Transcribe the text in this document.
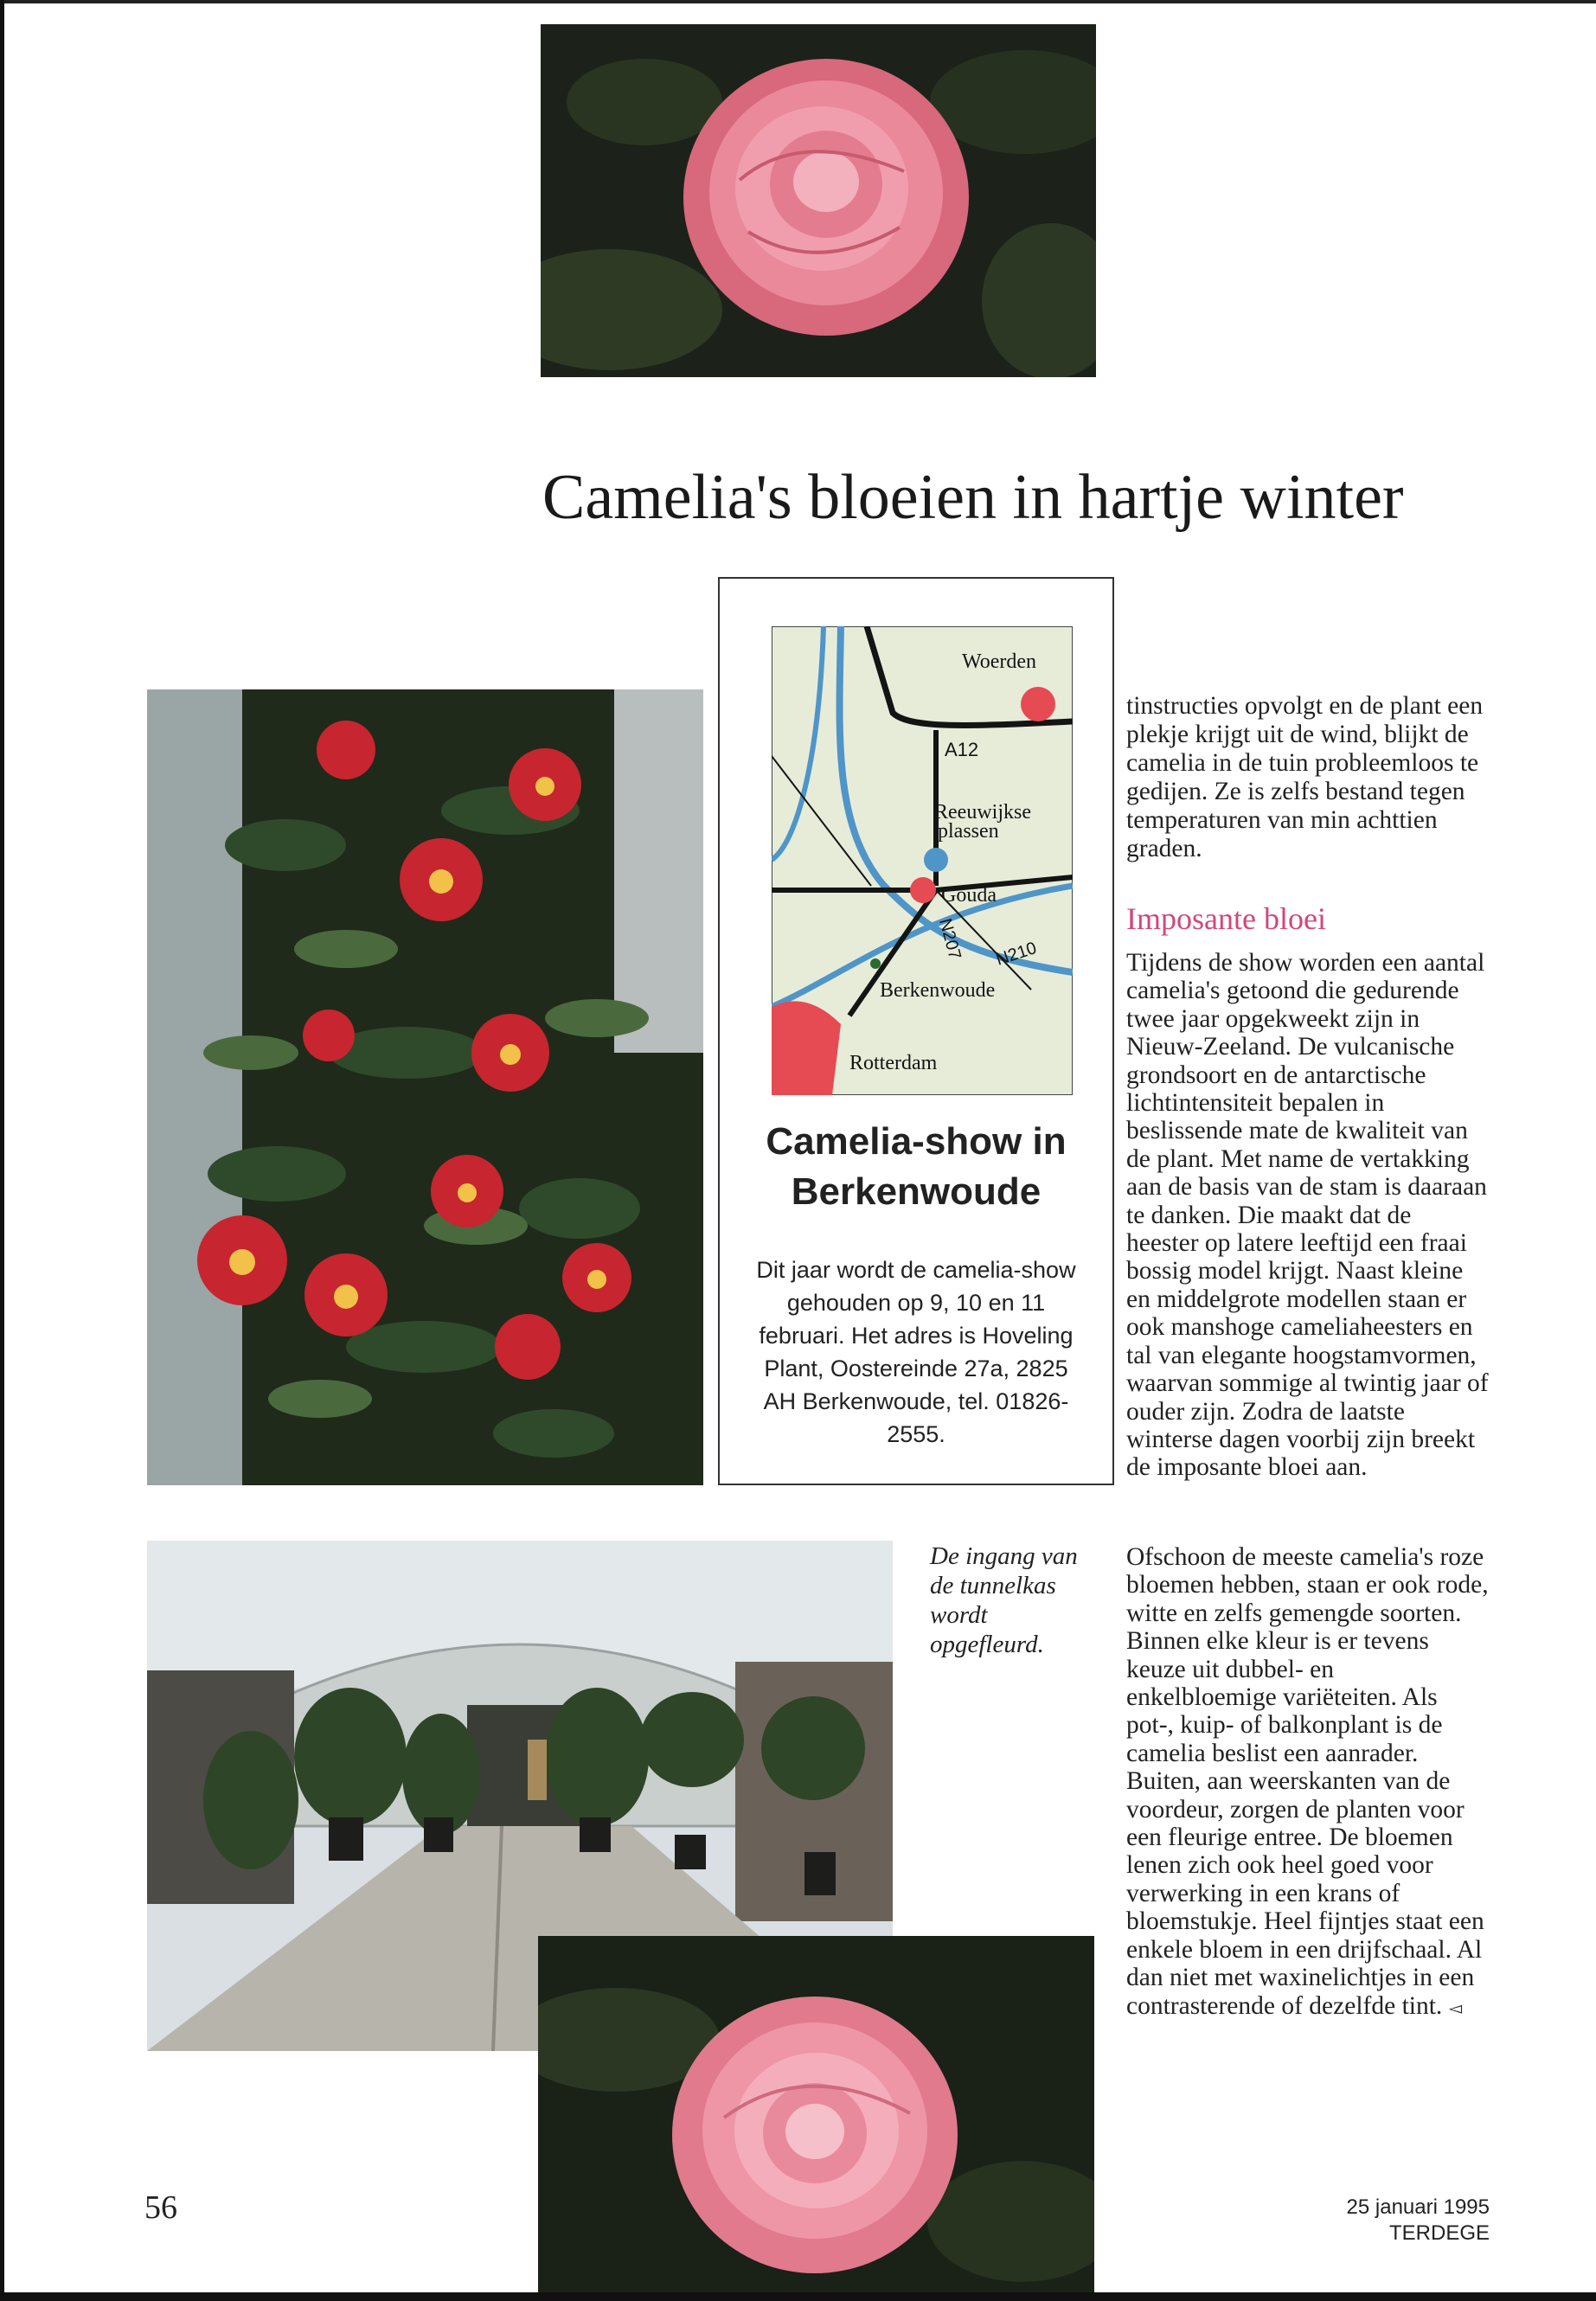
Camelia's bloeien in hartje winter
Woerden
A12
Reeuwijkse
plassen
Gouda
N207 N210
Berkenwoude
Rotterdam
Camelia-show in Berkenwoude

Dit jaar wordt de camelia-show gehouden op 9, 10 en 11 februari. Het adres is Hoveling Plant, Oostereinde 27a, 2825 AH Berkenwoude, tel. 01826-2555.

De ingang van de tunnelkas wordt opgefleurd.

tinstructies opvolgt en de plant een plekje krijgt uit de wind, blijkt de camelia in de tuin probleemloos te gedijen. Ze is zelfs bestand tegen temperaturen van min achttien graden.

Imposante bloei

Tijdens de show worden een aantal camelia's getoond die gedurende twee jaar opgekweekt zijn in Nieuw-Zeeland. De vulcanische grondsoort en de antarctische lichtintensiteit bepalen in beslissende mate de kwaliteit van de plant. Met name de vertakking aan de basis van de stam is daaraan te danken. Die maakt dat de heester op latere leeftijd een fraai bossig model krijgt. Naast kleine en middelgrote modellen staan er ook manshoge cameliaheesters en tal van elegante hoogstamvormen, waarvan sommige al twintig jaar of ouder zijn. Zodra de laatste winterse dagen voorbij zijn breekt de imposante bloei aan.

Ofschoon de meeste camelia's roze bloemen hebben, staan er ook rode, witte en zelfs gemengde soorten. Binnen elke kleur is er tevens keuze uit dubbel- en enkelbloemige variëteiten. Als pot-, kuip- of balkonplant is de camelia beslist een aanrader. Buiten, aan weerskanten van de voordeur, zorgen de planten voor een fleurige entree. De bloemen lenen zich ook heel goed voor verwerking in een krans of bloemstukje. Heel fijntjes staat een enkele bloem in een drijfschaal. Al dan niet met waxinelichtjes in een contrasterende of dezelfde tint. ◅

56	25 januari 1995 TERDEGE
